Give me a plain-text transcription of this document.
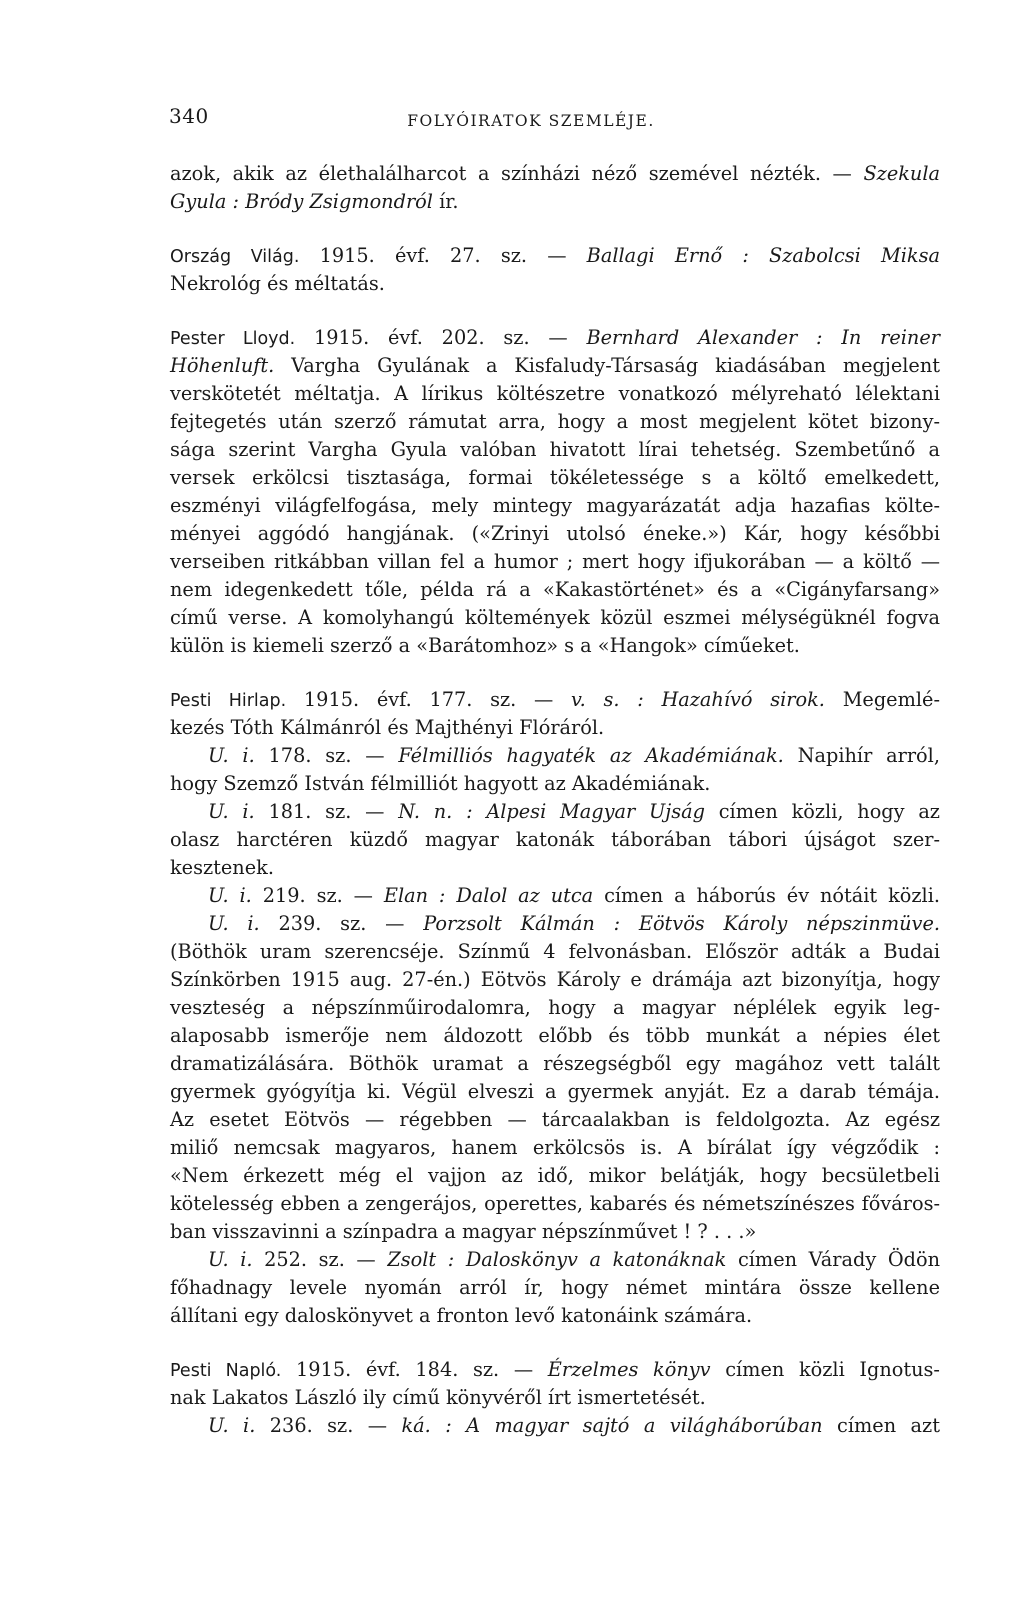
340	FOLYÓIRATOK SZEMLÉJE.
azok, akik az élethalálharcot a színházi néző szemével nézték. — Szekula
Gyula : Bródy Zsigmondról ír.
Ország Világ. 1915. évf. 27. sz. — Ballagi Ernő : Szabolcsi Miksa
Nekrológ és méltatás.
Pester Lloyd. 1915. évf. 202. sz. — Bernhard Alexander : In reiner
Höhenluft. Vargha Gyulának a Kisfaludy-Társaság kiadásában megjelent
verskötetét méltatja. A lírikus költészetre vonatkozó mélyreható lélektani
fejtegetés után szerző rámutat arra, hogy a most megjelent kötet bizony-
sága szerint Vargha Gyula valóban hivatott lírai tehetség. Szembetűnő a
versek erkölcsi tisztasága, formai tökéletessége s a költő emelkedett,
eszményi világfelfogása, mely mintegy magyarázatát adja hazafias költe-
ményei aggódó hangjának. («Zrinyi utolsó éneke.») Kár, hogy későbbi
verseiben ritkábban villan fel a humor ; mert hogy ifjukorában — a költő —
nem idegenkedett tőle, példa rá a «Kakastörténet» és a «Cigányfarsang»
című verse. A komolyhangú költemények közül eszmei mélységüknél fogva
külön is kiemeli szerző a «Barátomhoz» s a «Hangok» címűeket.
Pesti Hirlap. 1915. évf. 177. sz. — v. s. : Hazahívó sirok. Megemlé-
kezés Tóth Kálmánról és Majthényi Flóráról.
U. i. 178. sz. — Félmilliós hagyaték az Akadémiának. Napihír arról,
hogy Szemző István félmilliót hagyott az Akadémiának.
U. i. 181. sz. — N. n. : Alpesi Magyar Ujság címen közli, hogy az
olasz harctéren küzdő magyar katonák táborában tábori újságot szer-
kesztenek.
U. i. 219. sz. — Elan : Dalol az utca címen a háborús év nótáit közli.
U. i. 239. sz. — Porzsolt Kálmán : Eötvös Károly népszinmüve.
(Böthök uram szerencséje. Színmű 4 felvonásban. Először adták a Budai
Színkörben 1915 aug. 27-én.) Eötvös Károly e drámája azt bizonyítja, hogy
veszteség a népszínműirodalomra, hogy a magyar néplélek egyik leg-
alaposabb ismerője nem áldozott előbb és több munkát a népies élet
dramatizálására. Böthök uramat a részegségből egy magához vett talált
gyermek gyógyítja ki. Végül elveszi a gyermek anyját. Ez a darab témája.
Az esetet Eötvös — régebben — tárcaalakban is feldolgozta. Az egész
miliő nemcsak magyaros, hanem erkölcsös is. A bírálat így végződik :
«Nem érkezett még el vajjon az idő, mikor belátják, hogy becsületbeli
kötelesség ebben a zengerájos, operettes, kabarés és németszínészes főváros-
ban visszavinni a színpadra a magyar népszínművet ! ? . . .»
U. i. 252. sz. — Zsolt : Daloskönyv a katonáknak címen Várady Ödön
főhadnagy levele nyomán arról ír, hogy német mintára össze kellene
állítani egy daloskönyvet a fronton levő katonáink számára.
Pesti Napló. 1915. évf. 184. sz. — Érzelmes könyv címen közli Ignotus-
nak Lakatos László ily című könyvéről írt ismertetését.
U. i. 236. sz. — ká. : A magyar sajtó a világháborúban címen azt
